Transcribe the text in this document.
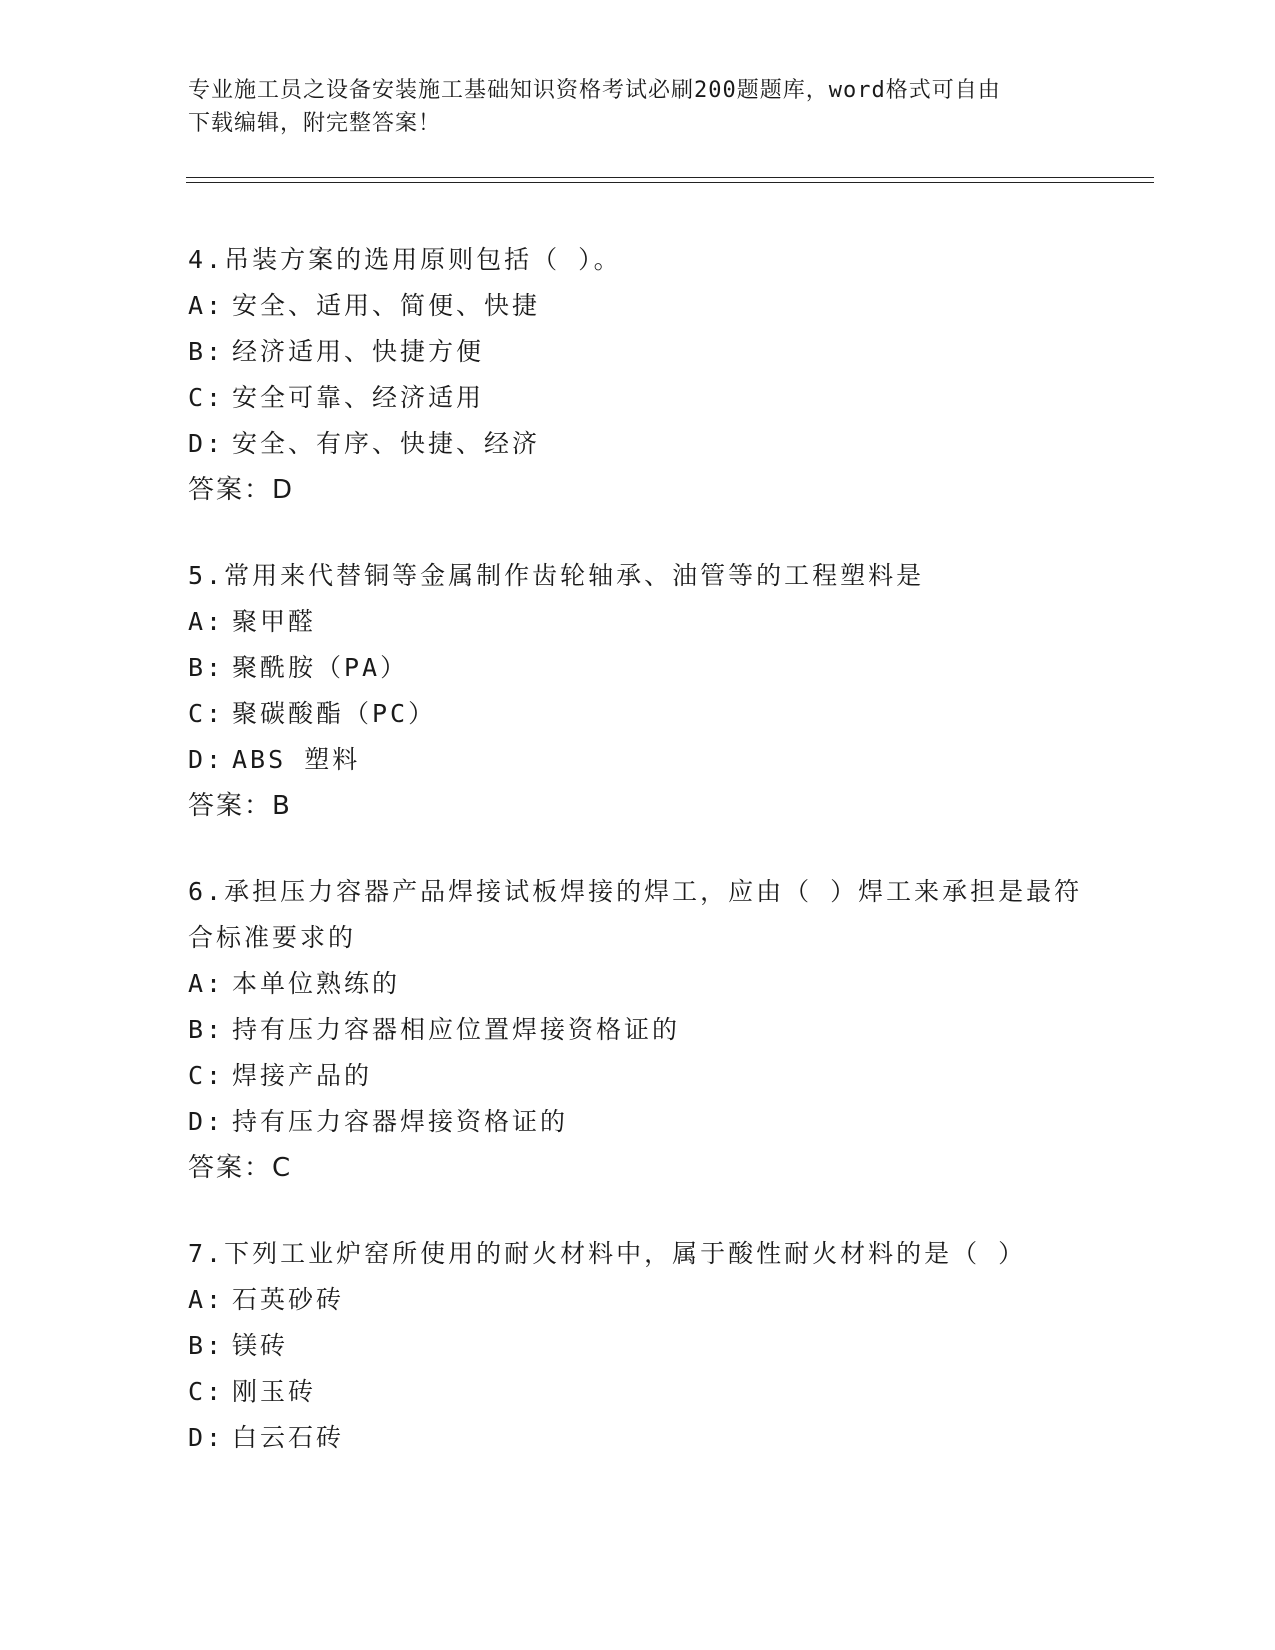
专业施工员之设备安装施工基础知识资格考试必刷200题题库，word格式可自由
下载编辑，附完整答案！

4.吊装方案的选用原则包括（ ）。

A: 安全、适用、简便、快捷

B: 经济适用、快捷方便

C: 安全可靠、经济适用

D: 安全、有序、快捷、经济

答案：D

5.常用来代替铜等金属制作齿轮轴承、油管等的工程塑料是

A: 聚甲醛

B: 聚酰胺（PA）

C: 聚碳酸酯（PC）

D: ABS 塑料

答案：B

6.承担压力容器产品焊接试板焊接的焊工，应由（ ）焊工来承担是最符合标准要求的

A: 本单位熟练的

B: 持有压力容器相应位置焊接资格证的

C: 焊接产品的

D: 持有压力容器焊接资格证的

答案：C

7.下列工业炉窑所使用的耐火材料中，属于酸性耐火材料的是（ ）

A: 石英砂砖

B: 镁砖

C: 刚玉砖

D: 白云石砖
